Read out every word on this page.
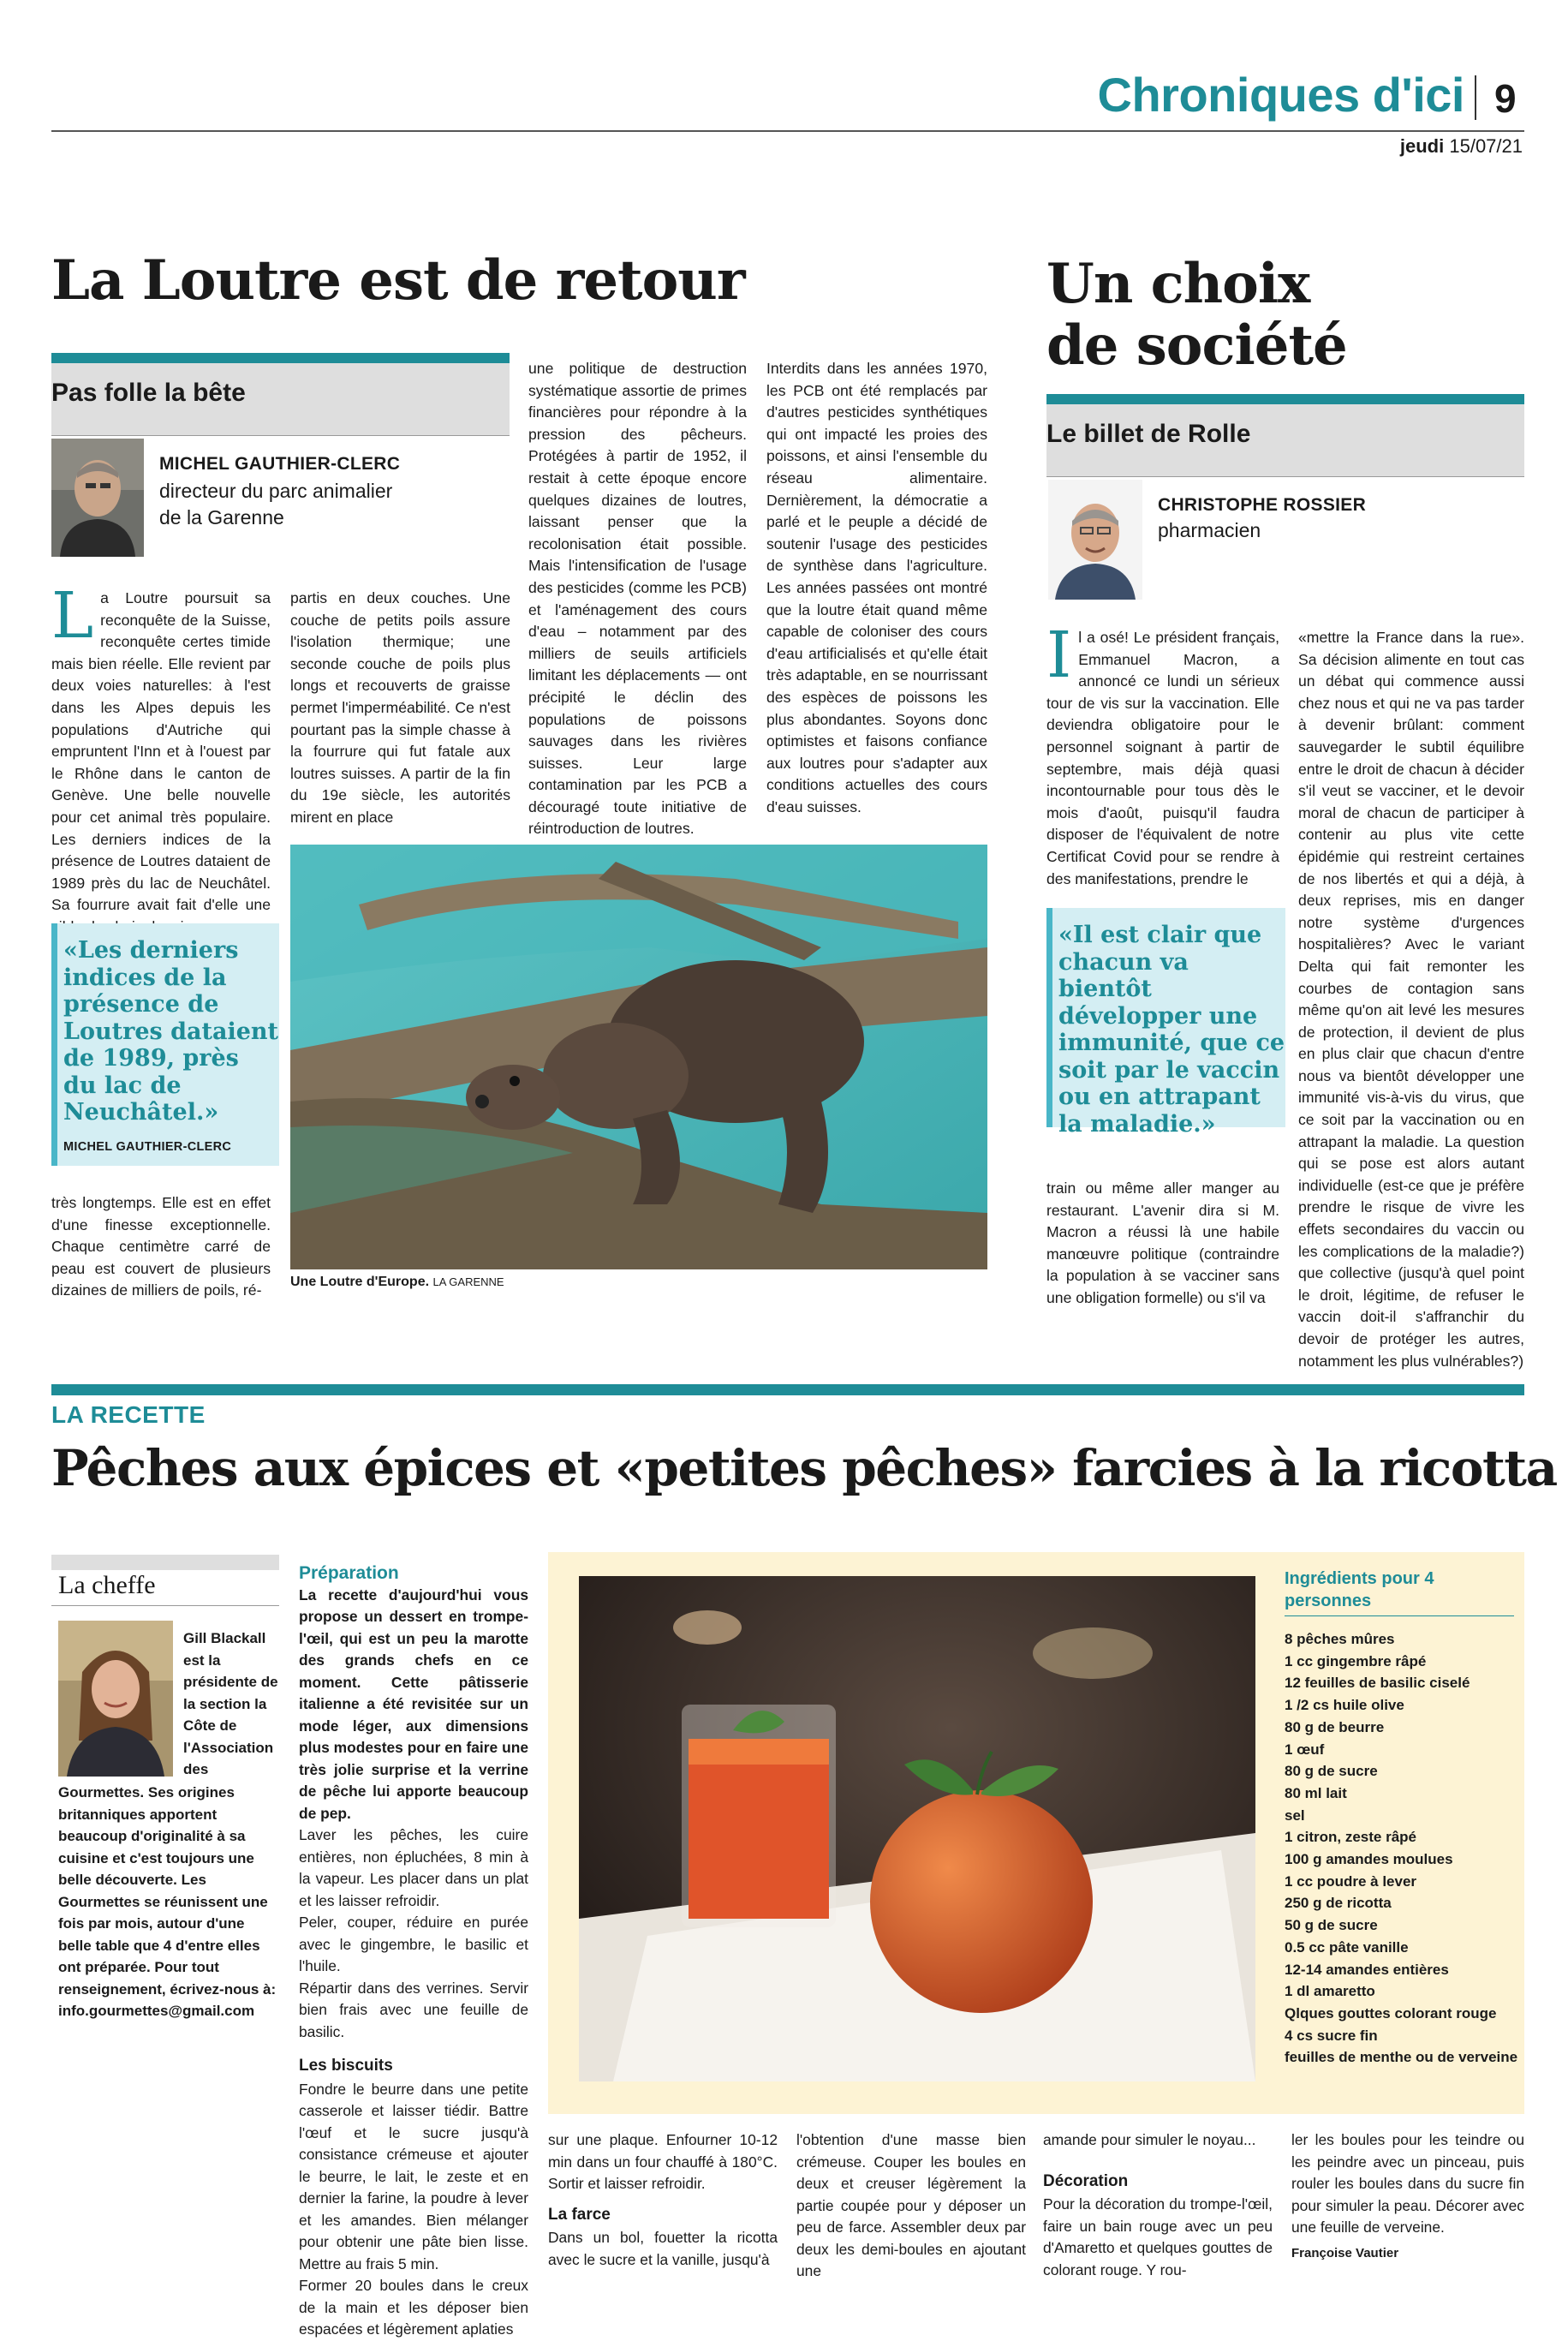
Chroniques d'ici 9
jeudi 15/07/21
La Loutre est de retour
Pas folle la bête
MICHEL GAUTHIER-CLERC
directeur du parc animalier de la Garenne
L a Loutre poursuit sa reconquête de la Suisse, reconquête certes timide mais bien réelle. Elle revient par deux voies naturelles: à l'est dans les Alpes depuis les populations d'Autriche qui empruntent l'Inn et à l'ouest par le Rhône dans le canton de Genève. Une belle nouvelle pour cet animal très populaire. Les derniers indices de la présence de Loutres dataient de 1989 près du lac de Neuchâtel. Sa fourrure avait fait d'elle une
«Les derniers indices de la présence de Loutres dataient de 1989, près du lac de Neuchâtel.»
MICHEL GAUTHIER-CLERC
très longtemps. Elle est en effet d'une finesse exceptionnelle. Chaque centimètre carré de peau est couvert de plusieurs dizaines de milliers de poils, ré-
partis en deux couches. Une couche de petits poils assure l'isolation thermique; une seconde couche de poils plus longs et recouverts de graisse permet l'imperméabilité. Ce n'est pourtant pas la simple chasse à la fourrure qui fut fatale aux loutres suisses. A partir de la fin du 19e siècle, les autorités mirent en place
une politique de destruction systématique assortie de primes financières pour répondre à la pression des pêcheurs. Protégées à partir de 1952, il restait à cette époque encore quelques dizaines de loutres, laissant penser que la recolonisation était possible. Mais l'intensification de l'usage des pesticides (comme les PCB) et l'aménagement des cours d'eau – notamment par des milliers de seuils artificiels limitant les déplacements — ont précipité le déclin des populations de poissons sauvages dans les rivières suisses. Leur large contamination par les PCB a découragé toute initiative de réintroduction de loutres.
Interdits dans les années 1970, les PCB ont été remplacés par d'autres pesticides synthétiques qui ont impacté les proies des poissons, et ainsi l'ensemble du réseau alimentaire. Dernièrement, la démocratie a parlé et le peuple a décidé de soutenir l'usage des pesticides de synthèse dans l'agriculture. Les années passées ont montré que la loutre était quand même capable de coloniser des cours d'eau artificialisés et qu'elle était très adaptable, en se nourrissant des espèces de poissons les plus abondantes. Soyons donc optimistes et faisons confiance aux loutres pour s'adapter aux conditions actuelles des cours d'eau suisses.
Une Loutre d'Europe. LA GARENNE
Un choix
de société
Le billet de Rolle
CHRISTOPHE ROSSIER
pharmacien
I l a osé! Le président français, Emmanuel Macron, a annoncé ce lundi un sérieux tour de vis sur la vaccination. Elle deviendra obligatoire pour le personnel soignant à partir de septembre, mais déjà quasi incontournable pour tous dès le mois d'août, puisqu'il faudra disposer de l'équivalent de notre Certificat Covid pour se rendre à des manifestations, prendre le
«Il est clair que chacun va bientôt développer une immunité, que ce soit par le vaccin ou en attrapant la maladie.»
train ou même aller manger au restaurant. L'avenir dira si M. Macron a réussi là une habile manœuvre politique (contraindre la population à se vacciner sans une obligation formelle) ou s'il va
«mettre la France dans la rue». Sa décision alimente en tout cas un débat qui commence aussi chez nous et qui ne va pas tarder à devenir brûlant: comment sauvegarder le subtil équilibre entre le droit de chacun à décider s'il veut se vacciner, et le devoir moral de chacun de participer à contenir au plus vite cette épidémie qui restreint certaines de nos libertés et qui a déjà, à deux reprises, mis en danger notre système d'urgences hospitalières? Avec le variant Delta qui fait remonter les courbes de contagion sans même qu'on ait levé les mesures de protection, il devient de plus en plus clair que chacun d'entre nous va bientôt développer une immunité vis-à-vis du virus, que ce soit par la vaccination ou en attrapant la maladie. La question qui se pose est alors autant individuelle (est-ce que je préfère prendre le risque de vivre les effets secondaires du vaccin ou les complications de la maladie?) que collective (jusqu'à quel point le droit, légitime, de refuser le vaccin doit-il s'affranchir du devoir de protéger les autres, notamment les plus vulnérables?)
LA RECETTE
Pêches aux épices et «petites pêches» farcies à la ricotta
La cheffe
Gill Blackall est la présidente de la section la Côte de l'Association des
Gourmettes. Ses origines britanniques apportent beaucoup d'originalité à sa cuisine et c'est toujours une belle découverte. Les Gourmettes se réunissent une fois par mois, autour d'une belle table que 4 d'entre elles ont préparée. Pour tout renseignement, écrivez-nous à:
info.gourmettes@gmail.com
Préparation

La recette d'aujourd'hui vous propose un dessert en trompe-l'œil, qui est un peu la marotte des grands chefs en ce moment. Cette pâtisserie italienne a été revisitée sur un mode léger, aux dimensions plus modestes pour en faire une très jolie surprise et la verrine de pêche lui apporte beaucoup de pep.

Laver les pêches, les cuire entières, non épluchées, 8 min à la vapeur. Les placer dans un plat et les laisser refroidir.

Peler, couper, réduire en purée avec le gingembre, le basilic et l'huile.

Répartir dans des verrines. Servir bien frais avec une feuille de basilic.

Les biscuits

Fondre le beurre dans une petite casserole et laisser tiédir. Battre l'œuf et le sucre jusqu'à consistance crémeuse et ajouter le beurre, le lait, le zeste et en dernier la farine, la poudre à lever et les amandes. Bien mélanger pour obtenir une pâte bien lisse. Mettre au frais 5 min.

Former 20 boules dans le creux de la main et les déposer bien espacées et légèrement aplaties

Ingrédients pour 4 personnes
8 pêches mûres
1 cc gingembre râpé
12 feuilles de basilic ciselé
1 /2 cs huile olive
80 g de beurre
1 œuf
80 g de sucre
80 ml lait
sel
1 citron, zeste râpé
100 g amandes moulues
1 cc poudre à lever
250 g de ricotta
50 g de sucre
0.5 cc pâte vanille
12-14 amandes entières
1 dl amaretto
Qlques gouttes colorant rouge
4 cs sucre fin
feuilles de menthe ou de verveine

sur une plaque. Enfourner 10-12 min dans un four chauffé à 180°C. Sortir et laisser refroidir.

La farce

Dans un bol, fouetter la ricotta avec le sucre et la vanille, jusqu'à

l'obtention d'une masse bien crémeuse. Couper les boules en deux et creuser légèrement la partie coupée pour y déposer un peu de farce. Assembler deux par deux les demi-boules en ajoutant une

amande pour simuler le noyau...

Décoration

Pour la décoration du trompe-l'œil, faire un bain rouge avec un peu d'Amaretto et quelques gouttes de colorant rouge. Y rou-

ler les boules pour les teindre ou les peindre avec un pinceau, puis rouler les boules dans du sucre fin pour simuler la peau. Décorer avec une feuille de verveine.

Françoise Vautier
